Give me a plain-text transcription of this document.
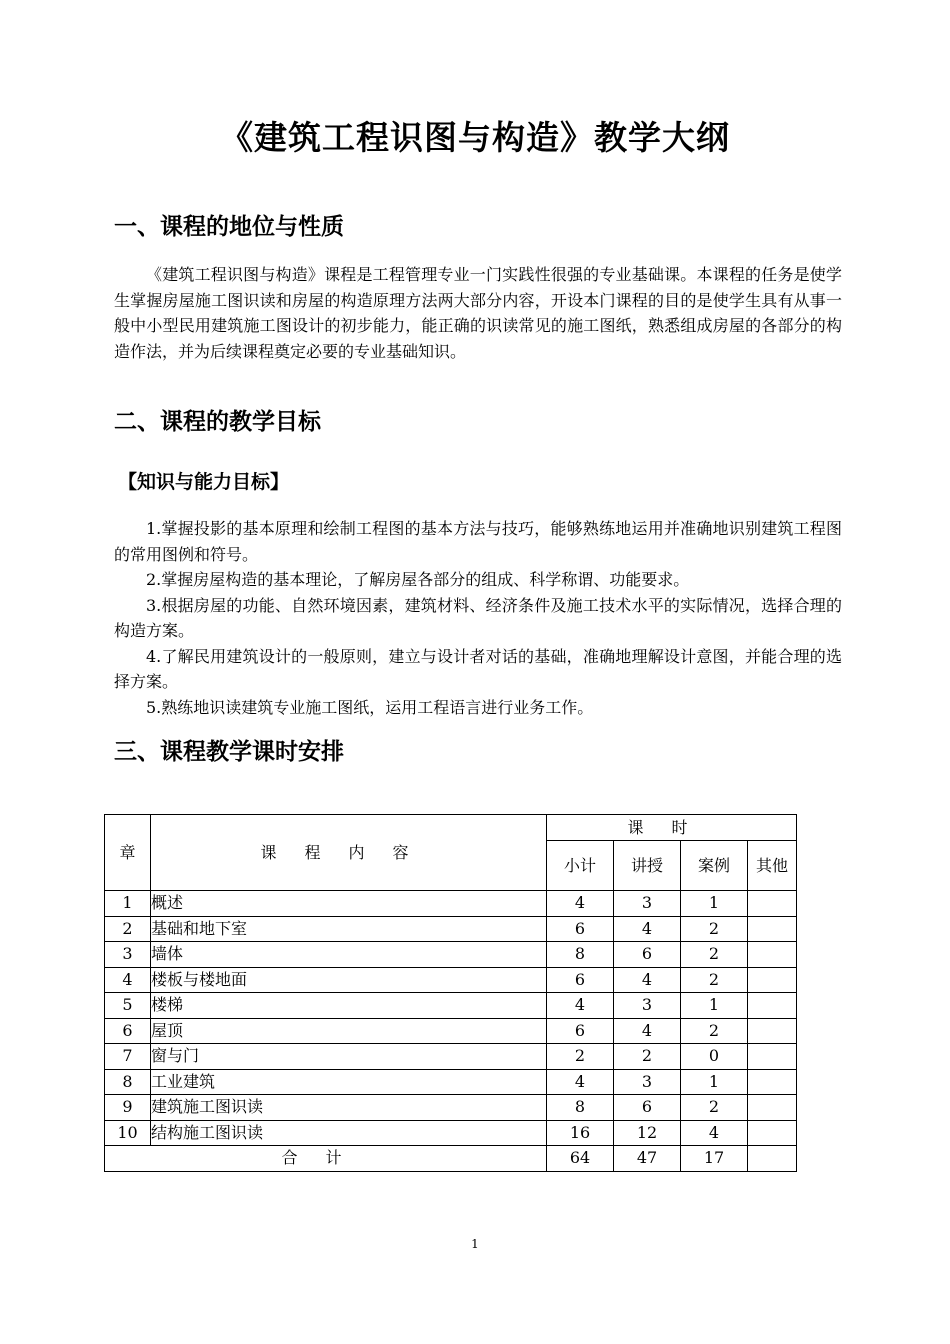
《建筑工程识图与构造》教学大纲
一、课程的地位与性质

《建筑工程识图与构造》课程是工程管理专业一门实践性很强的专业基础课。本课程的任务是使学生掌握房屋施工图识读和房屋的构造原理方法两大部分内容，开设本门课程的目的是使学生具有从事一般中小型民用建筑施工图设计的初步能力，能正确的识读常见的施工图纸，熟悉组成房屋的各部分的构造作法，并为后续课程奠定必要的专业基础知识。

二、课程的教学目标
【知识与能力目标】

1.掌握投影的基本原理和绘制工程图的基本方法与技巧，能够熟练地运用并准确地识别建筑工程图的常用图例和符号。

2.掌握房屋构造的基本理论，了解房屋各部分的组成、科学称谓、功能要求。

3.根据房屋的功能、自然环境因素，建筑材料、经济条件及施工技术水平的实际情况，选择合理的构造方案。

4.了解民用建筑设计的一般原则，建立与设计者对话的基础，准确地理解设计意图，并能合理的选择方案。

5.熟练地识读建筑专业施工图纸，运用工程语言进行业务工作。

三、课程教学课时安排
章	课程内容	课时			
		小计	讲授	案例	其他
1	概述	4	3	1	
2	基础和地下室	6	4	2	
3	墙体	8	6	2	
4	楼板与楼地面	6	4	2	
5	楼梯	4	3	1	
6	屋顶	6	4	2	
7	窗与门	2	2	0	
8	工业建筑	4	3	1	
9	建筑施工图识读	8	6	2	
10	结构施工图识读	16	12	4	
合计		64	47	17	
1
